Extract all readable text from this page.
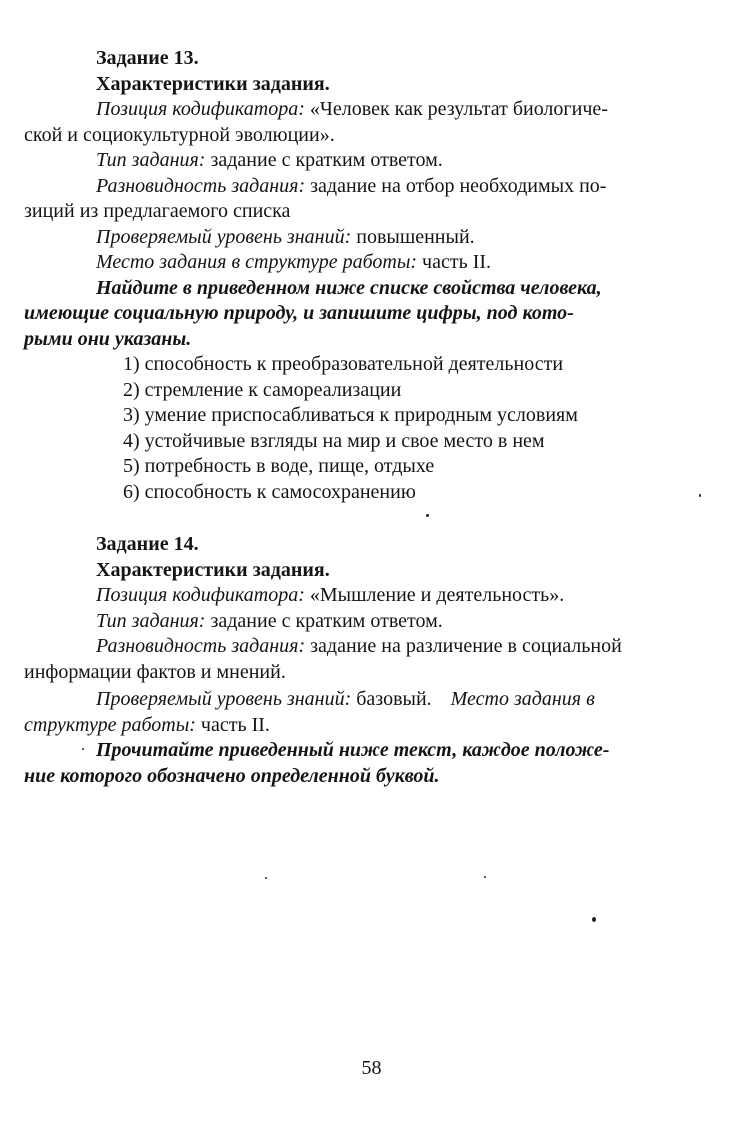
Задание 13.

Характеристики задания.

Позиция кодификатора: «Человек как результат биологиче-

ской и социокультурной эволюции».

Тип задания: задание с кратким ответом.

Разновидность задания: задание на отбор необходимых по-

зиций из предлагаемого списка

Проверяемый уровень знаний: повышенный.

Место задания в структуре работы: часть II.

Найдите в приведенном ниже списке свойства человека,

имеющие социальную природу, и запишите цифры, под кото-

рыми они указаны.

1) способность к преобразовательной деятельности
2) стремление к самореализации
3) умение приспосабливаться к природным условиям
4) устойчивые взгляды на мир и свое место в нем
5) потребность в воде, пище, отдыхе
6) способность к самосохранению

Задание 14.

Характеристики задания.

Позиция кодификатора: «Мышление и деятельность».

Тип задания: задание с кратким ответом.

Разновидность задания: задание на различение в социальной

информации фактов и мнений.

Проверяемый уровень знаний: базовый. Место задания в

структуре работы: часть II.

Прочитайте приведенный ниже текст, каждое положе-

ние которого обозначено определенной буквой.

58
